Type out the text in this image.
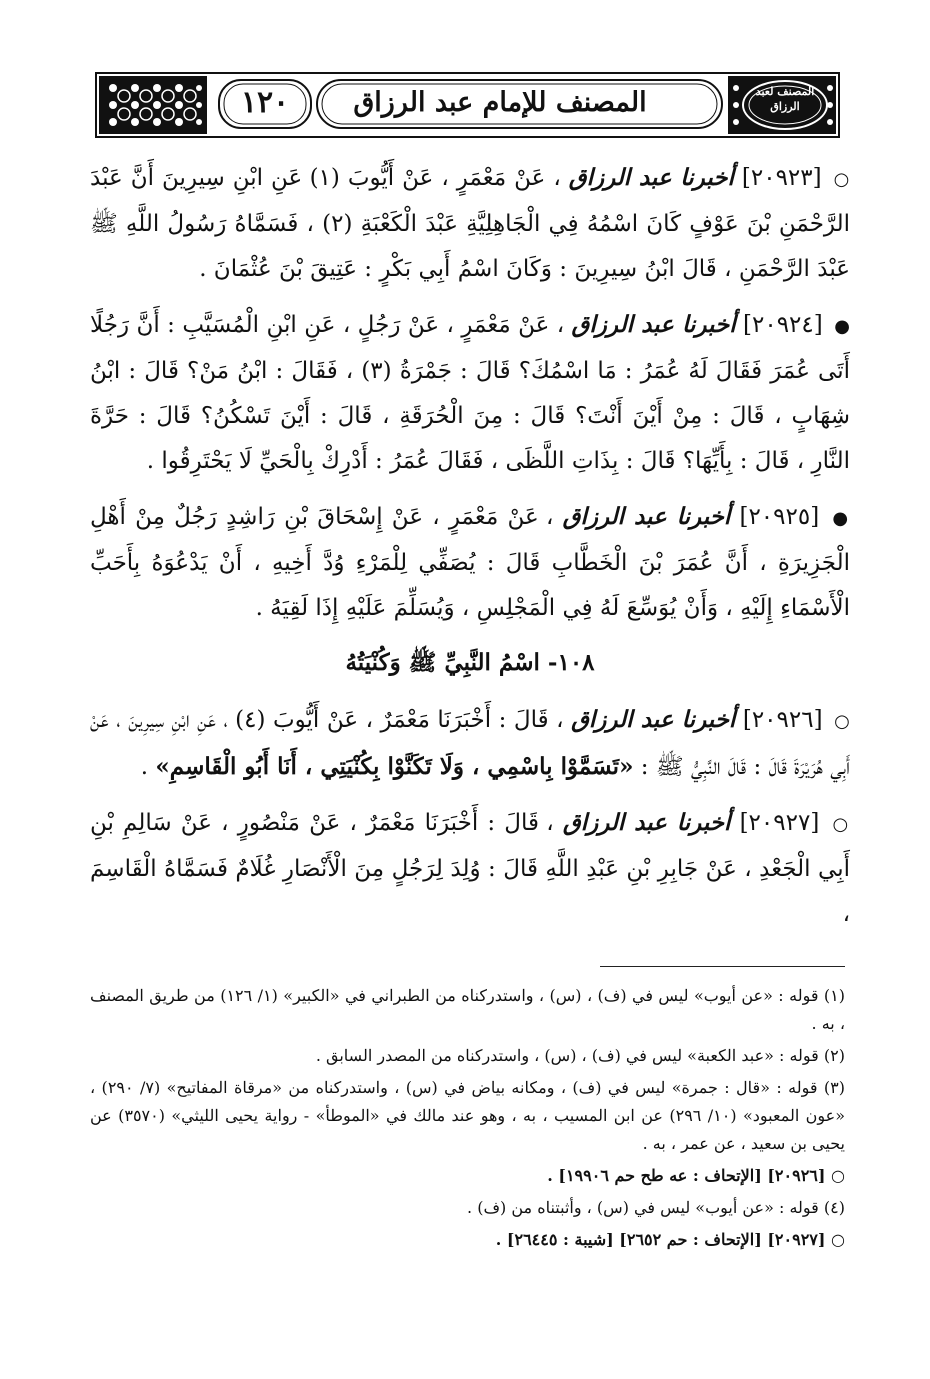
١٢٠	المصنف للإمام عبد الرزاق	المصنف لعبد الرزاق

○ [٢٠٩٢٣] أخبرنا عبد الرزاق ، عَنْ مَعْمَرٍ ، عَنْ أَيُّوبَ (١) عَنِ ابْنِ سِيرِينَ أَنَّ عَبْدَ الرَّحْمَنِ بْنَ عَوْفٍ كَانَ اسْمُهُ فِي الْجَاهِلِيَّةِ عَبْدَ الْكَعْبَةِ (٢) ، فَسَمَّاهُ رَسُولُ اللَّهِ ﷺ عَبْدَ الرَّحْمَنِ ، قَالَ ابْنُ سِيرِينَ : وَكَانَ اسْمُ أَبِي بَكْرٍ : عَتِيقَ بْنَ عُثْمَانَ .

● [٢٠٩٢٤] أخبرنا عبد الرزاق ، عَنْ مَعْمَرٍ ، عَنْ رَجُلٍ ، عَنِ ابْنِ الْمُسَيَّبِ : أَنَّ رَجُلًا أَتَى عُمَرَ فَقَالَ لَهُ عُمَرُ : مَا اسْمُكَ؟ قَالَ : جَمْرَةُ (٣) ، فَقَالَ : ابْنُ مَنْ؟ قَالَ : ابْنُ شِهَابٍ ، قَالَ : مِنْ أَيْنَ أَنْتَ؟ قَالَ : مِنَ الْحُرَقَةِ ، قَالَ : أَيْنَ تَسْكُنُ؟ قَالَ : حَرَّةَ النَّارِ ، قَالَ : بِأَيِّهَا؟ قَالَ : بِذَاتِ اللَّظَى ، فَقَالَ عُمَرُ : أَدْرِكْ بِالْحَيِّ لَا يَحْتَرِقُوا .

● [٢٠٩٢٥] أخبرنا عبد الرزاق ، عَنْ مَعْمَرٍ ، عَنْ إِسْحَاقَ بْنِ رَاشِدٍ رَجُلٌ مِنْ أَهْلِ الْجَزِيرَةِ ، أَنَّ عُمَرَ بْنَ الْخَطَّابِ قَالَ : يُصَفِّي لِلْمَرْءِ وُدَّ أَخِيهِ ، أَنْ يَدْعُوَهُ بِأَحَبِّ الْأَسْمَاءِ إِلَيْهِ ، وَأَنْ يُوَسِّعَ لَهُ فِي الْمَجْلِسِ ، وَيُسَلِّمَ عَلَيْهِ إِذَا لَقِيَهُ .

١٠٨- اسْمُ النَّبِيِّ ﷺ وَكُنْيَتُهُ

○ [٢٠٩٢٦] أخبرنا عبد الرزاق ، قَالَ : أَخْبَرَنَا مَعْمَرٌ ، عَنْ أَيُّوبَ (٤) ، عَنِ ابْنِ سِيرِينَ ، عَنْ أَبِي هُرَيْرَةَ قَالَ : قَالَ النَّبِيُّ ﷺ : «تَسَمَّوْا بِاسْمِي ، وَلَا تَكَنَّوْا بِكُنْيَتِي ، أَنَا أَبُو الْقَاسِمِ» .

○ [٢٠٩٢٧] أخبرنا عبد الرزاق ، قَالَ : أَخْبَرَنَا مَعْمَرٌ ، عَنْ مَنْصُورٍ ، عَنْ سَالِمِ بْنِ أَبِي الْجَعْدِ ، عَنْ جَابِرِ بْنِ عَبْدِ اللَّهِ قَالَ : وُلِدَ لِرَجُلٍ مِنَ الْأَنْصَارِ غُلَامٌ فَسَمَّاهُ الْقَاسِمَ ،

(١) قوله : «عن أيوب» ليس في (ف) ، (س) ، واستدركناه من الطبراني في «الكبير» (١/ ١٢٦) من طريق المصنف ، به .

(٢) قوله : «عبد الكعبة» ليس في (ف) ، (س) ، واستدركناه من المصدر السابق .

(٣) قوله : «قال : جمرة» ليس في (ف) ، ومكانه بياض في (س) ، واستدركناه من «مرقاة المفاتيح» (٧/ ٢٩٠) ، «عون المعبود» (١٠/ ٢٩٦) عن ابن المسيب ، به ، وهو عند مالك في «الموطأ» - رواية يحيى الليثي» (٣٥٧٠) عن يحيى بن سعيد ، عن عمر ، به .

○ [٢٠٩٢٦] [الإتحاف : عه طح حم ١٩٩٠٦] .

(٤) قوله : «عن أيوب» ليس في (س) ، وأثبتناه من (ف) .

○ [٢٠٩٢٧] [الإتحاف : حم ٢٦٥٢] [شيبة : ٢٦٤٤٥] .
